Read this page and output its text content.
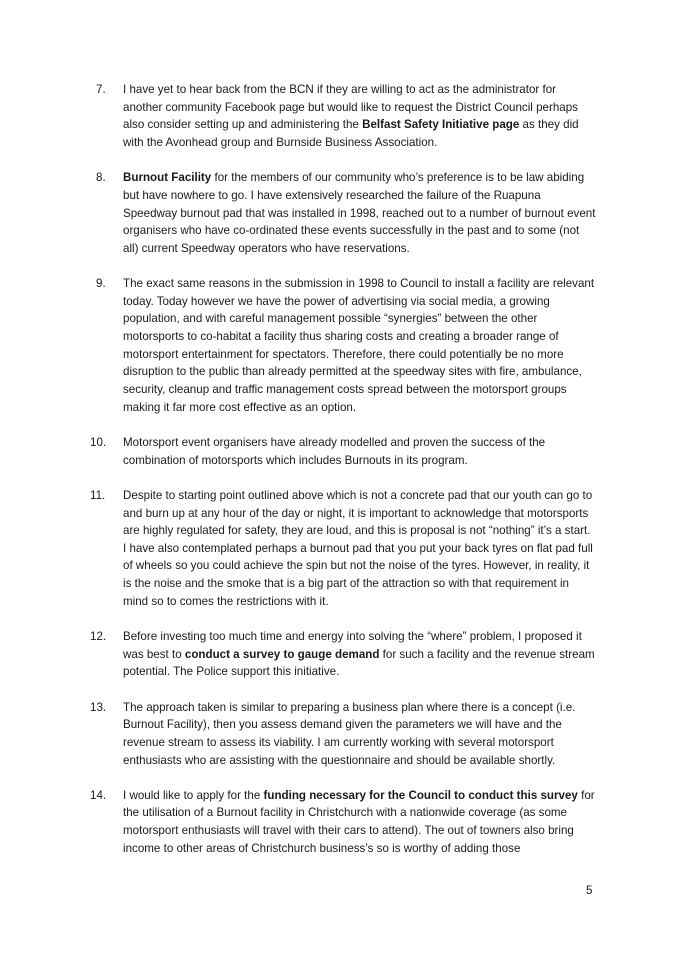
7.	I have yet to hear back from the BCN if they are willing to act as the administrator for another community Facebook page but would like to request the District Council perhaps also consider setting up and administering the Belfast Safety Initiative page as they did with the Avonhead group and Burnside Business Association.
8.	Burnout Facility for the members of our community who’s preference is to be law abiding but have nowhere to go. I have extensively researched the failure of the Ruapuna Speedway burnout pad that was installed in 1998, reached out to a number of burnout event organisers who have co-ordinated these events successfully in the past and to some (not all) current Speedway operators who have reservations.
9.	The exact same reasons in the submission in 1998 to Council to install a facility are relevant today. Today however we have the power of advertising via social media, a growing population, and with careful management possible “synergies” between the other motorsports to co-habitat a facility thus sharing costs and creating a broader range of motorsport entertainment for spectators. Therefore, there could potentially be no more disruption to the public than already permitted at the speedway sites with fire, ambulance, security, cleanup and traffic management costs spread between the motorsport groups making it far more cost effective as an option.
10.	Motorsport event organisers have already modelled and proven the success of the combination of motorsports which includes Burnouts in its program.
11.	Despite to starting point outlined above which is not a concrete pad that our youth can go to and burn up at any hour of the day or night, it is important to acknowledge that motorsports are highly regulated for safety, they are loud, and this is proposal is not “nothing” it’s a start. I have also contemplated perhaps a burnout pad that you put your back tyres on flat pad full of wheels so you could achieve the spin but not the noise of the tyres. However, in reality, it is the noise and the smoke that is a big part of the attraction so with that requirement in mind so to comes the restrictions with it.
12.	Before investing too much time and energy into solving the “where” problem, I proposed it was best to conduct a survey to gauge demand for such a facility and the revenue stream potential. The Police support this initiative.
13.	The approach taken is similar to preparing a business plan where there is a concept (i.e. Burnout Facility), then you assess demand given the parameters we will have and the revenue stream to assess its viability. I am currently working with several motorsport enthusiasts who are assisting with the questionnaire and should be available shortly.
14.	I would like to apply for the funding necessary for the Council to conduct this survey for the utilisation of a Burnout facility in Christchurch with a nationwide coverage (as some motorsport enthusiasts will travel with their cars to attend). The out of towners also bring income to other areas of Christchurch business’s so is worthy of adding those
5
